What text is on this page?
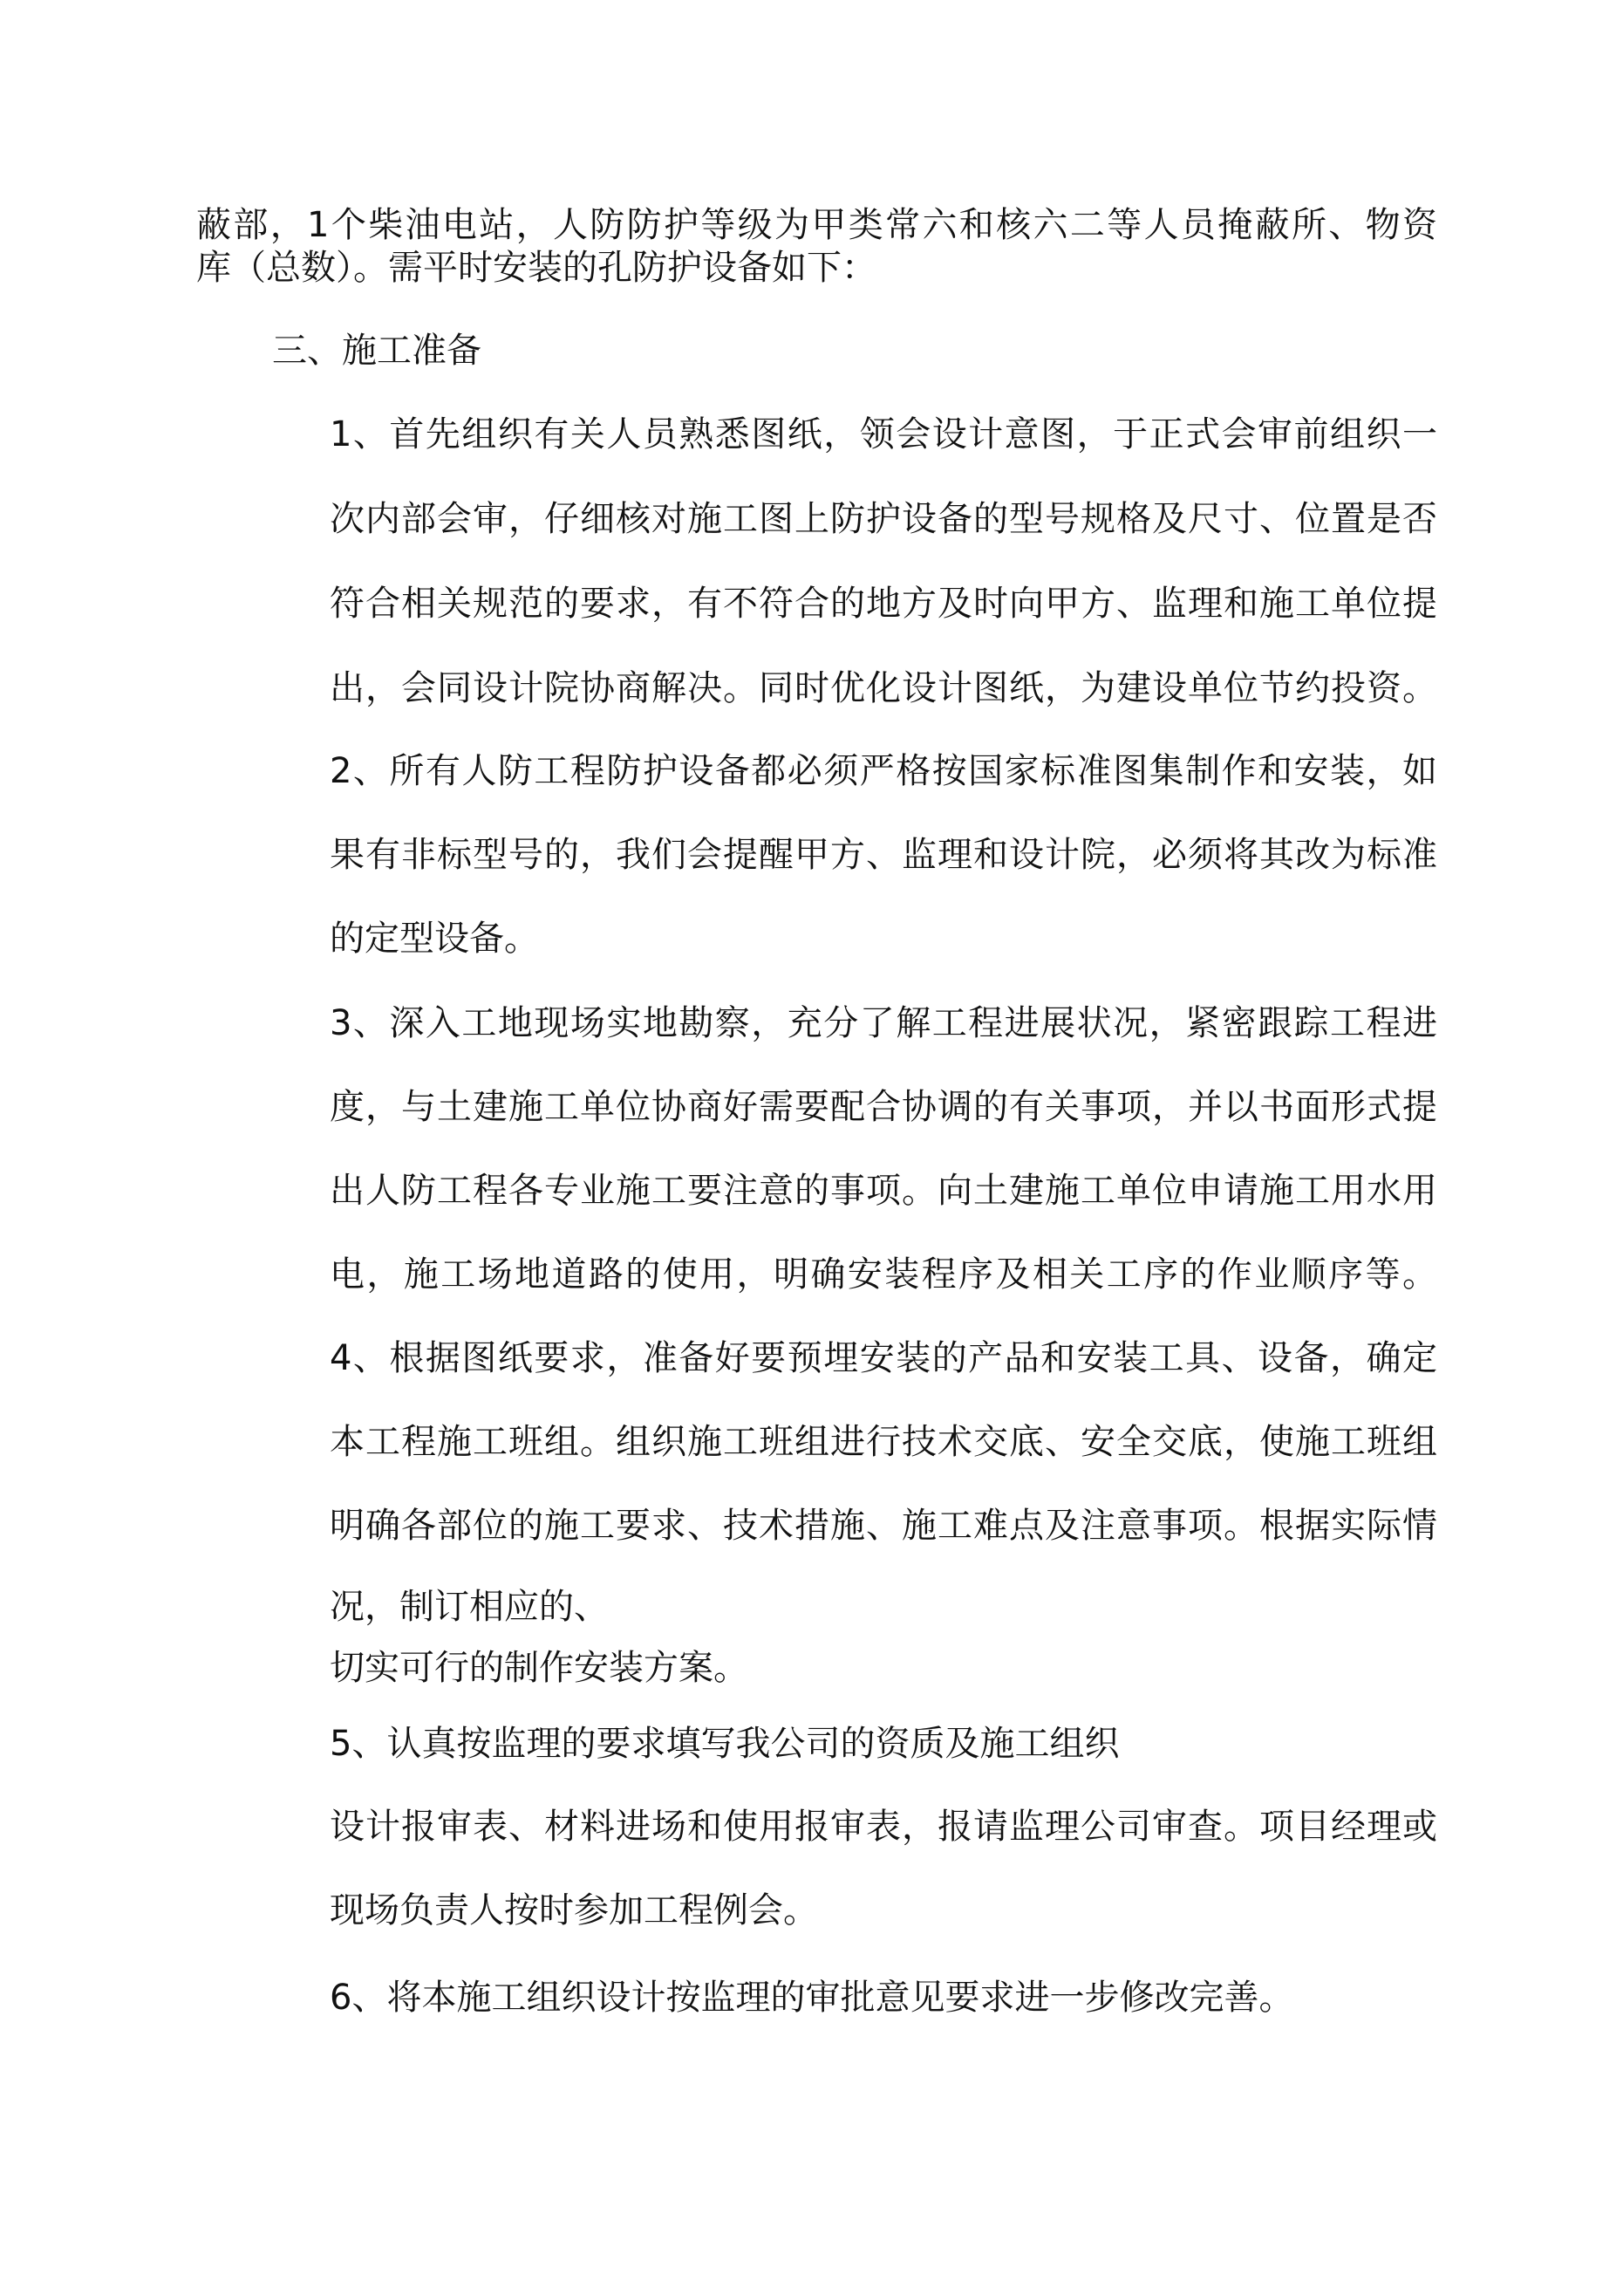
蔽部，1个柴油电站，人防防护等级为甲类常六和核六二等人员掩蔽所、物资
库（总数）。需平时安装的孔防护设备如下：
三、施工准备
1、首先组织有关人员熟悉图纸，领会设计意图，于正式会审前组织一
次内部会审，仔细核对施工图上防护设备的型号规格及尺寸、位置是否
符合相关规范的要求，有不符合的地方及时向甲方、监理和施工单位提
出，会同设计院协商解决。同时优化设计图纸，为建设单位节约投资。
2、所有人防工程防护设备都必须严格按国家标准图集制作和安装，如
果有非标型号的，我们会提醒甲方、监理和设计院，必须将其改为标准
的定型设备。
3、深入工地现场实地勘察，充分了解工程进展状况，紧密跟踪工程进
度，与土建施工单位协商好需要配合协调的有关事项，并以书面形式提
出人防工程各专业施工要注意的事项。向土建施工单位申请施工用水用
电，施工场地道路的使用，明确安装程序及相关工序的作业顺序等。
4、根据图纸要求，准备好要预埋安装的产品和安装工具、设备，确定
本工程施工班组。组织施工班组进行技术交底、安全交底，使施工班组
明确各部位的施工要求、技术措施、施工难点及注意事项。根据实际情
况，制订相应的、
切实可行的制作安装方案。
5、认真按监理的要求填写我公司的资质及施工组织
设计报审表、材料进场和使用报审表，报请监理公司审查。项目经理或
现场负责人按时参加工程例会。
6、将本施工组织设计按监理的审批意见要求进一步修改完善。
